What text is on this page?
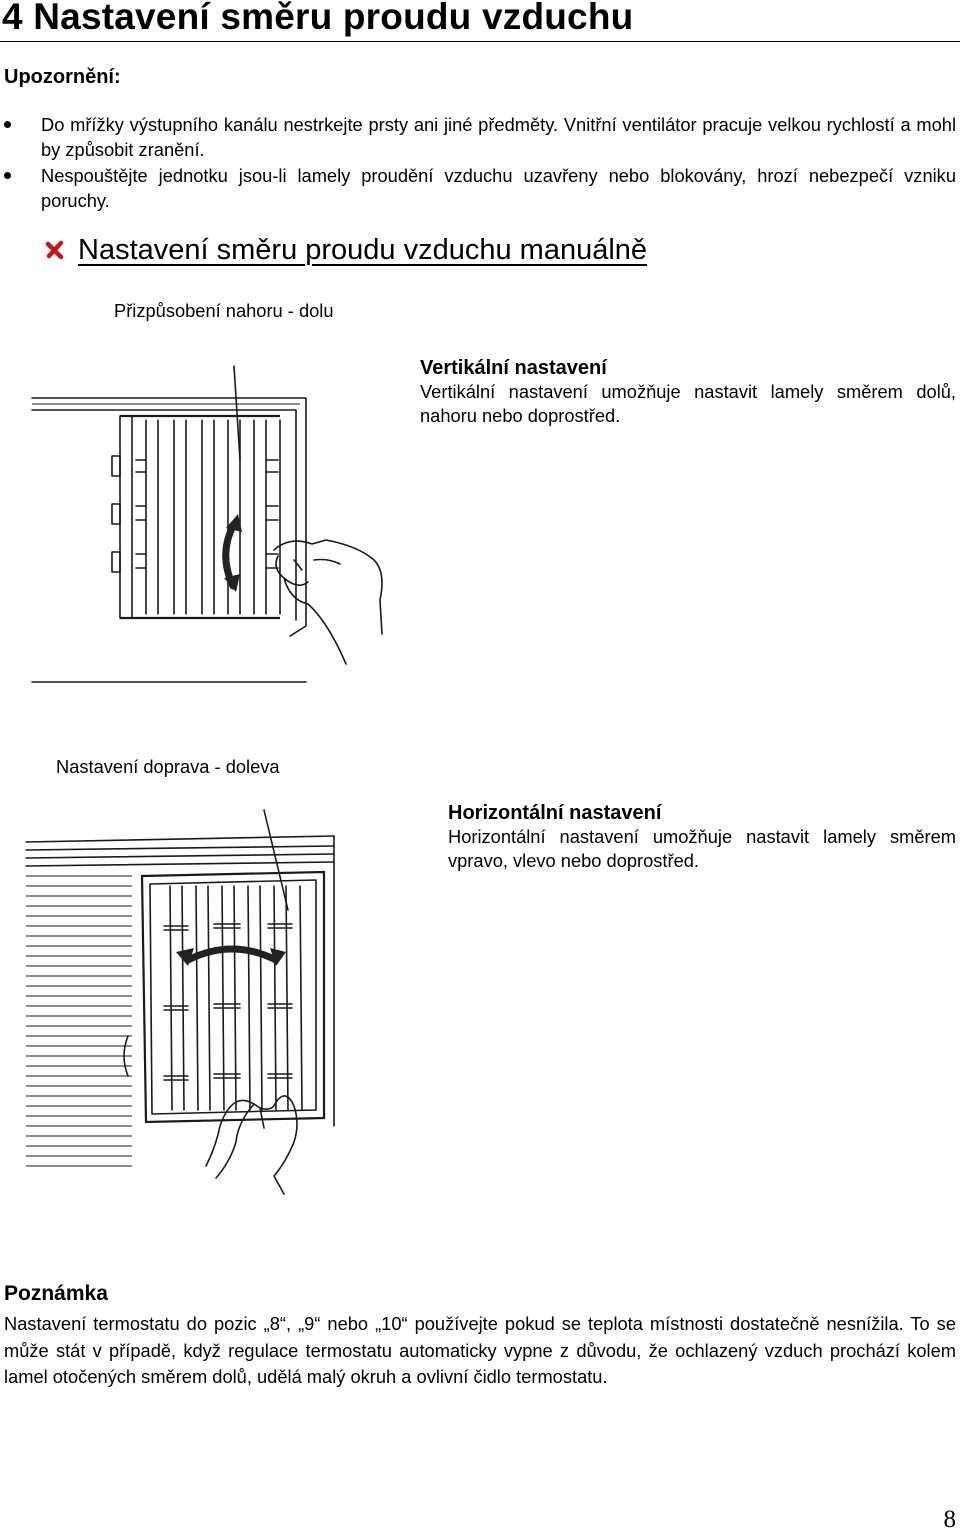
4 Nastavení směru proudu vzduchu
Upozornění:
Do mřížky výstupního kanálu nestrkejte prsty ani jiné předměty. Vnitřní ventilátor pracuje velkou rychlostí a mohl by způsobit zranění.
Nespouštějte jednotku jsou-li lamely proudění vzduchu uzavřeny nebo blokovány, hrozí nebezpečí vzniku poruchy.
Nastavení směru proudu vzduchu manuálně
Přizpůsobení nahoru - dolu
Vertikální nastavení
Vertikální nastavení umožňuje nastavit lamely směrem dolů, nahoru nebo doprostřed.
Nastavení doprava - doleva
Horizontální nastavení
Horizontální nastavení umožňuje nastavit lamely směrem vpravo, vlevo nebo doprostřed.
Poznámka
Nastavení termostatu do pozic „8“, „9“ nebo „10“ používejte pokud se teplota místnosti dostatečně nesnížila. To se může stát v případě, když regulace termostatu automaticky vypne z důvodu, že ochlazený vzduch prochází kolem lamel otočených směrem dolů, udělá malý okruh a ovlivní čidlo termostatu.
8
